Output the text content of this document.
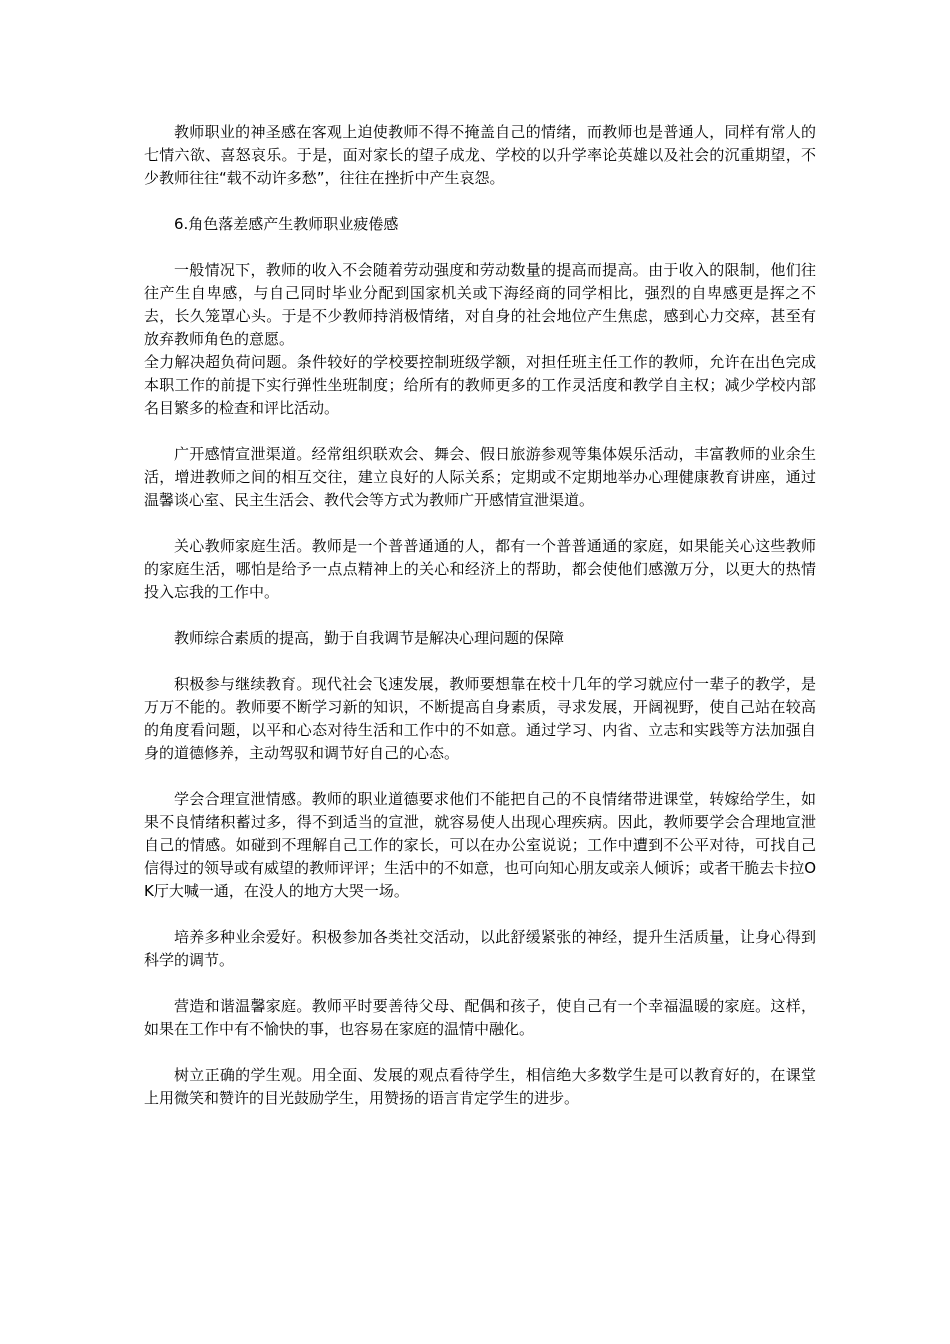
教师职业的神圣感在客观上迫使教师不得不掩盖自己的情绪，而教师也是普通人，同样有常人的七情六欲、喜怒哀乐。于是，面对家长的望子成龙、学校的以升学率论英雄以及社会的沉重期望，不少教师往往“载不动许多愁”，往往在挫折中产生哀怨。

6.角色落差感产生教师职业疲倦感

一般情况下，教师的收入不会随着劳动强度和劳动数量的提高而提高。由于收入的限制，他们往往产生自卑感，与自己同时毕业分配到国家机关或下海经商的同学相比，强烈的自卑感更是挥之不去，长久笼罩心头。于是不少教师持消极情绪，对自身的社会地位产生焦虑，感到心力交瘁，甚至有放弃教师角色的意愿。

全力解决超负荷问题。条件较好的学校要控制班级学额，对担任班主任工作的教师，允许在出色完成本职工作的前提下实行弹性坐班制度；给所有的教师更多的工作灵活度和教学自主权；减少学校内部名目繁多的检查和评比活动。

广开感情宣泄渠道。经常组织联欢会、舞会、假日旅游参观等集体娱乐活动，丰富教师的业余生活，增进教师之间的相互交往，建立良好的人际关系；定期或不定期地举办心理健康教育讲座，通过温馨谈心室、民主生活会、教代会等方式为教师广开感情宣泄渠道。

关心教师家庭生活。教师是一个普普通通的人，都有一个普普通通的家庭，如果能关心这些教师的家庭生活，哪怕是给予一点点精神上的关心和经济上的帮助，都会使他们感激万分，以更大的热情投入忘我的工作中。

教师综合素质的提高，勤于自我调节是解决心理问题的保障

积极参与继续教育。现代社会飞速发展，教师要想靠在校十几年的学习就应付一辈子的教学，是万万不能的。教师要不断学习新的知识，不断提高自身素质，寻求发展，开阔视野，使自己站在较高的角度看问题，以平和心态对待生活和工作中的不如意。通过学习、内省、立志和实践等方法加强自身的道德修养，主动驾驭和调节好自己的心态。

学会合理宣泄情感。教师的职业道德要求他们不能把自己的不良情绪带进课堂，转嫁给学生，如果不良情绪积蓄过多，得不到适当的宣泄，就容易使人出现心理疾病。因此，教师要学会合理地宣泄自己的情感。如碰到不理解自己工作的家长，可以在办公室说说；工作中遭到不公平对待，可找自己信得过的领导或有威望的教师评评；生活中的不如意，也可向知心朋友或亲人倾诉；或者干脆去卡拉OK厅大喊一通，在没人的地方大哭一场。

培养多种业余爱好。积极参加各类社交活动，以此舒缓紧张的神经，提升生活质量，让身心得到科学的调节。

营造和谐温馨家庭。教师平时要善待父母、配偶和孩子，使自己有一个幸福温暖的家庭。这样，如果在工作中有不愉快的事，也容易在家庭的温情中融化。

树立正确的学生观。用全面、发展的观点看待学生，相信绝大多数学生是可以教育好的，在课堂上用微笑和赞许的目光鼓励学生，用赞扬的语言肯定学生的进步。
